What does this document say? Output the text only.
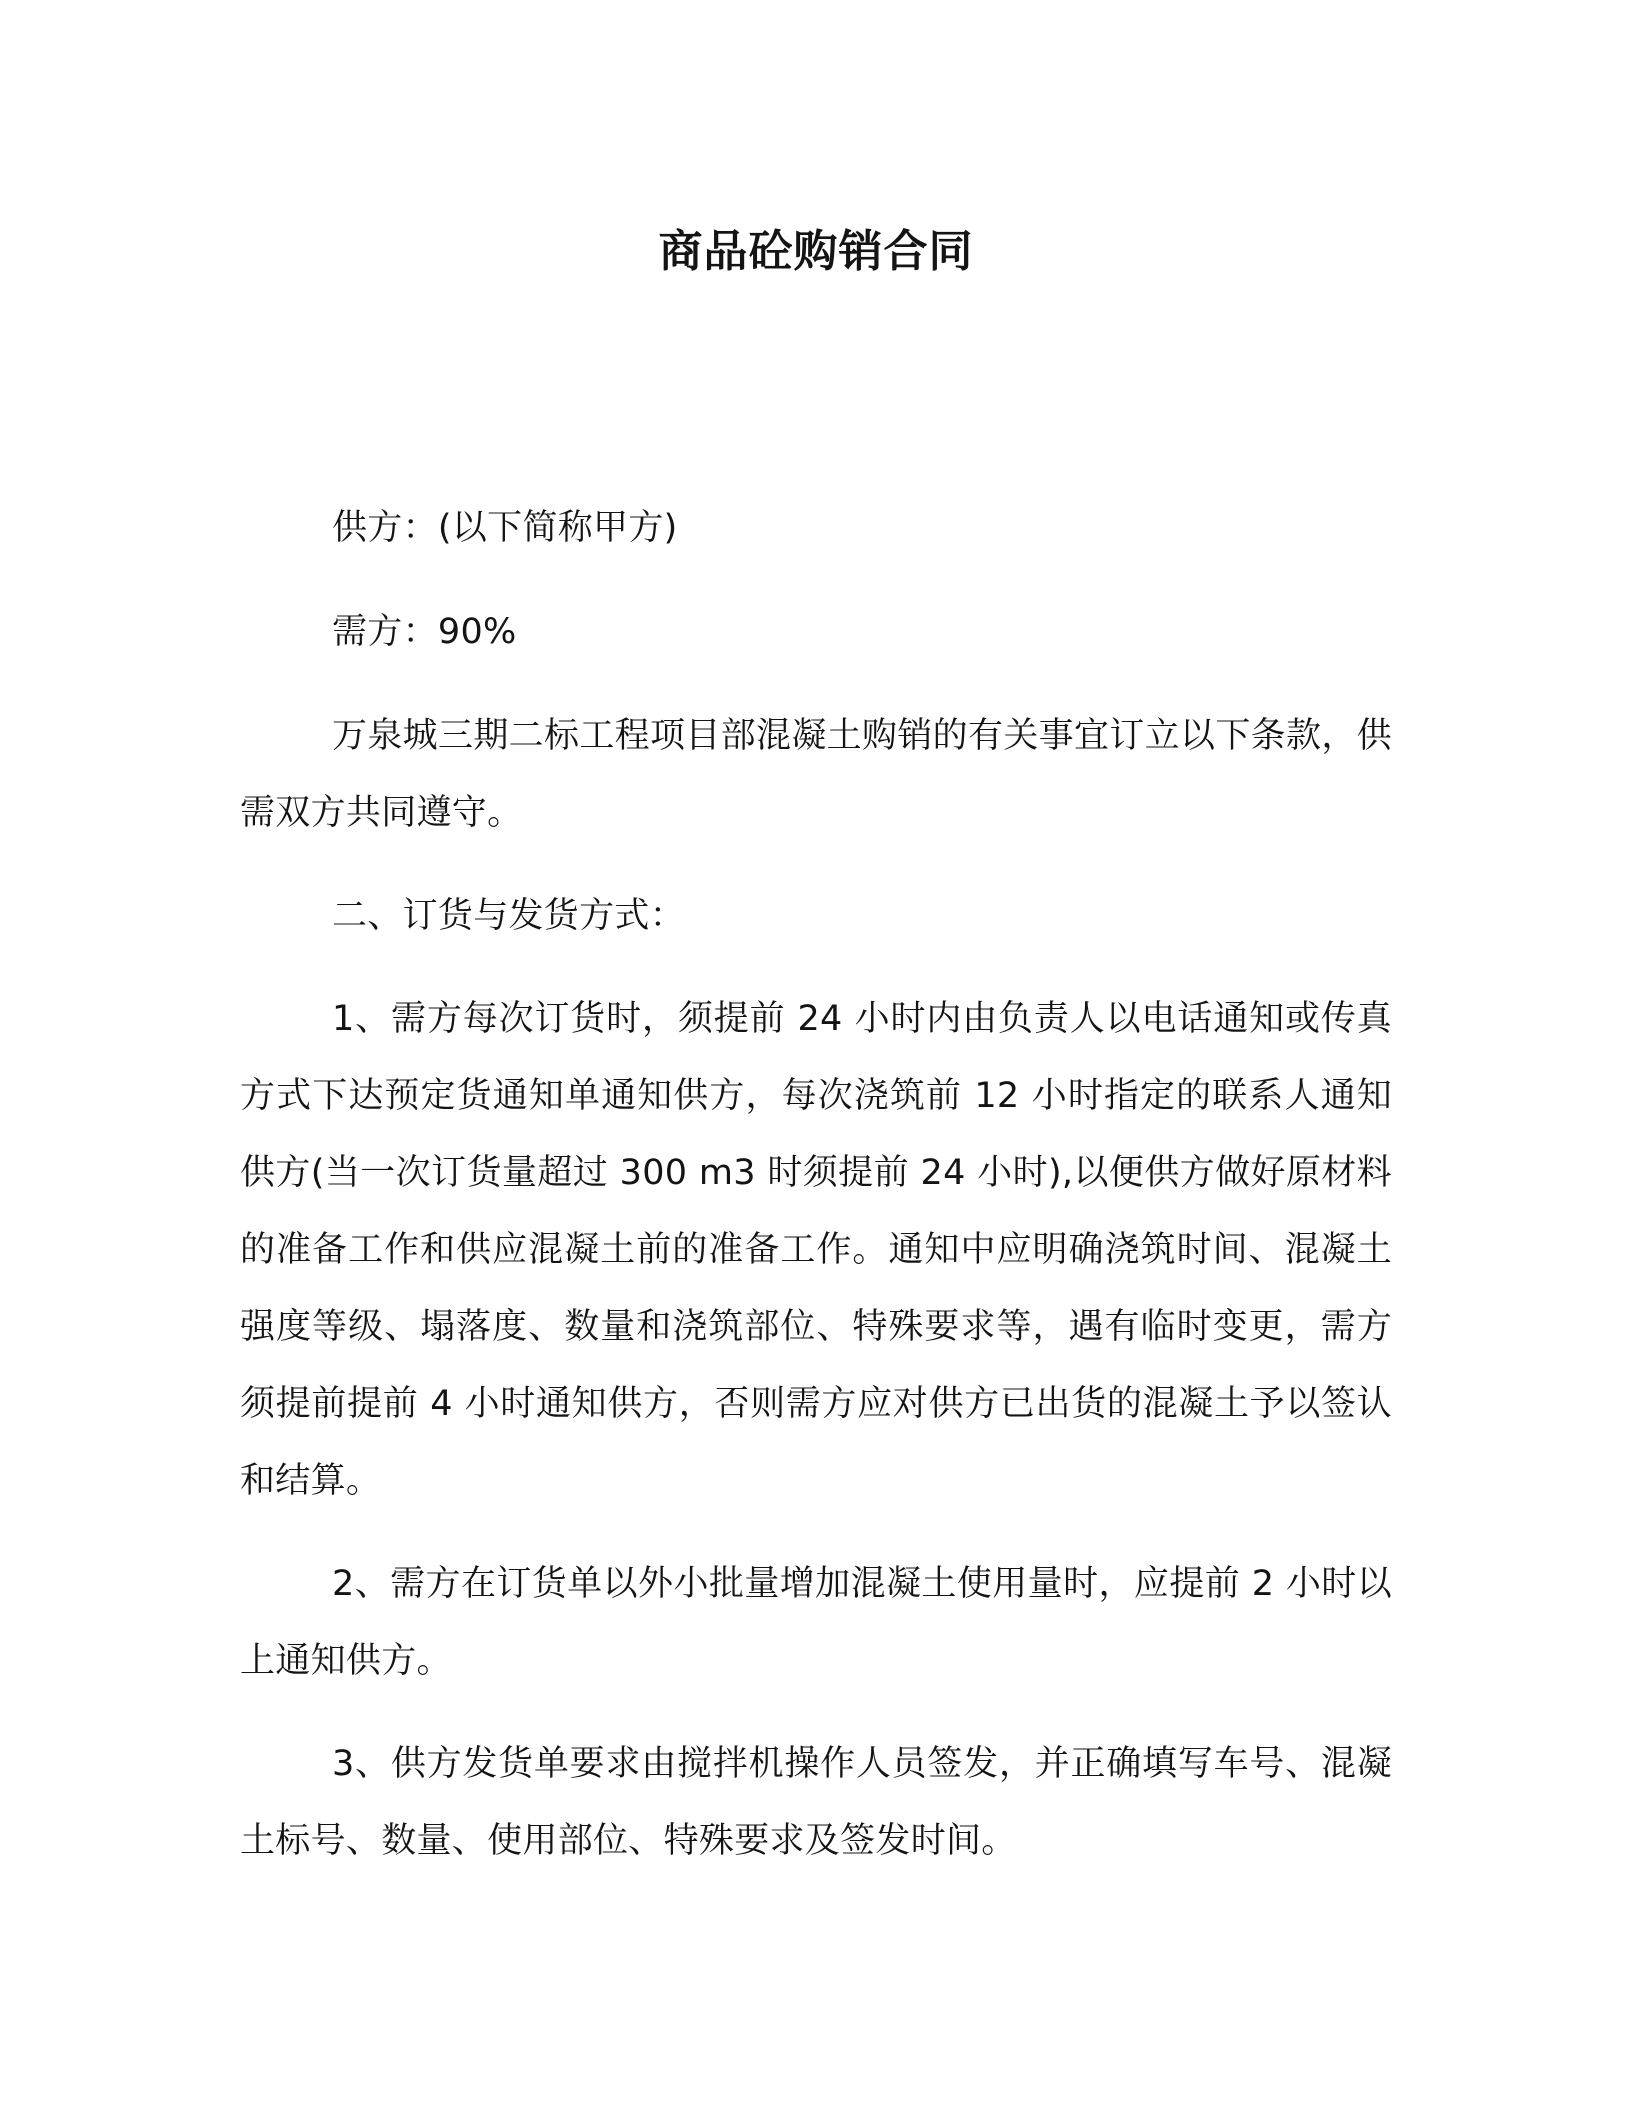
商品砼购销合同

供方：(以下简称甲方)

需方：90%

万泉城三期二标工程项目部混凝土购销的有关事宜订立以下条款，供需双方共同遵守。

二、订货与发货方式：

1、需方每次订货时，须提前 24 小时内由负责人以电话通知或传真方式下达预定货通知单通知供方，每次浇筑前 12 小时指定的联系人通知供方(当一次订货量超过 300 m3 时须提前 24 小时),以便供方做好原材料的准备工作和供应混凝土前的准备工作。通知中应明确浇筑时间、混凝土强度等级、塌落度、数量和浇筑部位、特殊要求等，遇有临时变更，需方须提前提前 4 小时通知供方，否则需方应对供方已出货的混凝土予以签认和结算。

2、需方在订货单以外小批量增加混凝土使用量时，应提前 2 小时以上通知供方。

3、供方发货单要求由搅拌机操作人员签发，并正确填写车号、混凝土标号、数量、使用部位、特殊要求及签发时间。
